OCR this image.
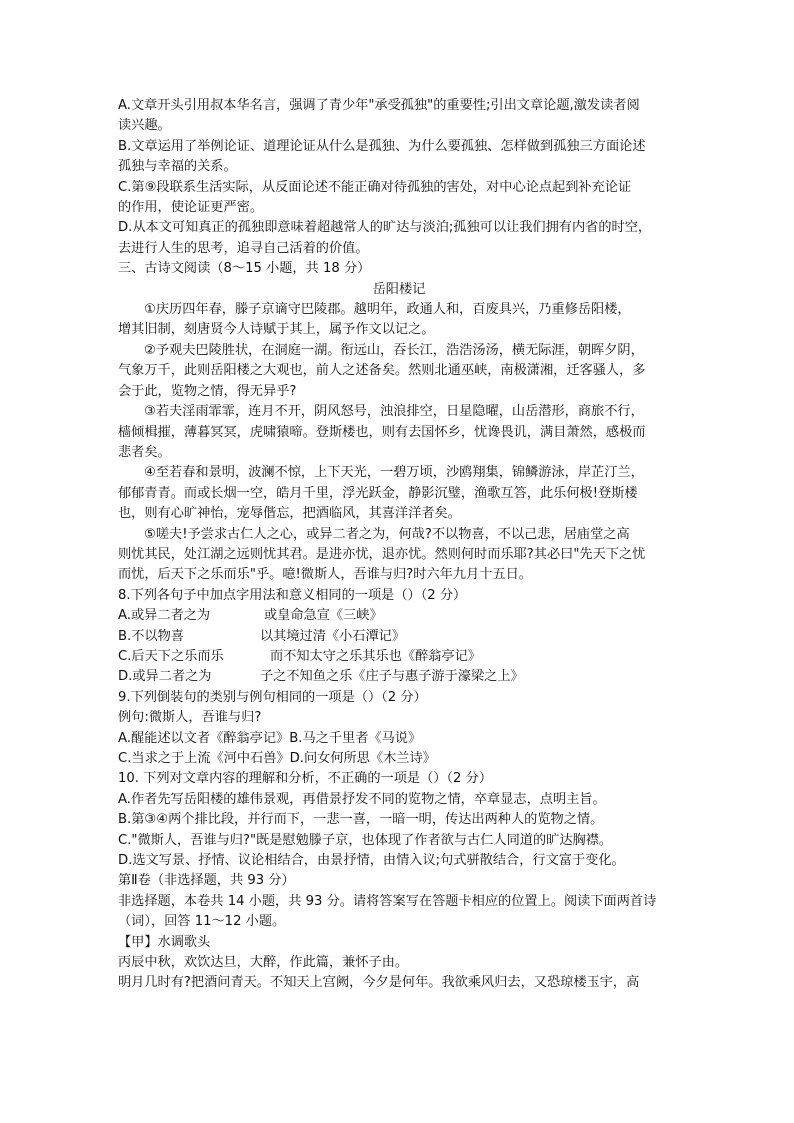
A.文章开头引用叔本华名言，强调了青少年"承受孤独"的重要性;引出文章论题,激发读者阅

读兴趣。

B.文章运用了举例论证、道理论证从什么是孤独、为什么要孤独、怎样做到孤独三方面论述

孤独与幸福的关系。

C.第⑨段联系生活实际，从反面论述不能正确对待孤独的害处，对中心论点起到补充论证

的作用，使论证更严密。

D.从本文可知真正的孤独即意味着超越常人的旷达与淡泊;孤独可以让我们拥有内省的时空，

去进行人生的思考，追寻自己活着的价值。

三、古诗文阅读（8～15 小题，共 18 分）

岳阳楼记

①庆历四年春，滕子京谪守巴陵郡。越明年，政通人和，百废具兴，乃重修岳阳楼，

增其旧制，刻唐贤今人诗赋于其上，属予作文以记之。

②予观夫巴陵胜状，在洞庭一湖。衔远山，吞长江，浩浩汤汤，横无际涯，朝晖夕阴，

气象万千，此则岳阳楼之大观也，前人之述备矣。然则北通巫峡，南极潇湘，迁客骚人，多

会于此，览物之情，得无异乎?

③若夫淫雨霏霏，连月不开，阴风怒号，浊浪排空，日星隐曜，山岳潜形，商旅不行，

樯倾楫摧，薄暮冥冥，虎啸猿啼。登斯楼也，则有去国怀乡，忧谗畏讥，满目萧然，感极而

悲者矣。

④至若春和景明，波澜不惊，上下天光，一碧万顷，沙鸥翔集，锦鳞游泳，岸芷汀兰，

郁郁青青。而或长烟一空，皓月千里，浮光跃金，静影沉璧，渔歌互答，此乐何极!登斯楼

也，则有心旷神怡，宠辱偕忘，把酒临风，其喜洋洋者矣。

⑤嗟夫!予尝求古仁人之心，或异二者之为，何哉?不以物喜，不以己悲，居庙堂之高

则忧其民，处江湖之远则忧其君。是进亦忧，退亦忧。然则何时而乐耶?其必曰"先天下之忧

而忧，后天下之乐而乐"乎。噫!微斯人，吾谁与归?时六年九月十五日。

8.下列各句子中加点字用法和意义相同的一项是（）（2 分）

A.或异二者之为	或皇命急宣《三峡》

B.不以物喜	以其境过清《小石潭记》

C.后天下之乐而乐	而不知太守之乐其乐也《醉翁亭记》

D.或异二者之为	子之不知鱼之乐《庄子与惠子游于濠梁之上》

9.下列倒装句的类别与例句相同的一项是（）（2 分）

例句:微斯人，吾谁与归?

A.醒能述以文者《醉翁亭记》B.马之千里者《马说》

C.当求之于上流《河中石兽》D.问女何所思《木兰诗》

10. 下列对文章内容的理解和分析，不正确的一项是（）（2 分）

A.作者先写岳阳楼的雄伟景观，再借景抒发不同的览物之情，卒章显志，点明主旨。

B.第③④两个排比段，并行而下，一悲一喜，一暗一明，传达出两种人的览物之情。

C."微斯人，吾谁与归?"既是慰勉滕子京，也体现了作者欲与古仁人同道的旷达胸襟。

D.选文写景、抒情、议论相结合，由景抒情，由情入议;句式骈散结合，行文富于变化。

第Ⅱ卷（非选择题，共 93 分）

非选择题，本卷共 14 小题，共 93 分。请将答案写在答题卡相应的位置上。阅读下面两首诗

（词），回答 11～12 小题。

【甲】水调歌头

丙辰中秋，欢饮达旦，大醉，作此篇，兼怀子由。

明月几时有?把酒问青天。不知天上宫阙，今夕是何年。我欲乘风归去，又恐琼楼玉宇，高
